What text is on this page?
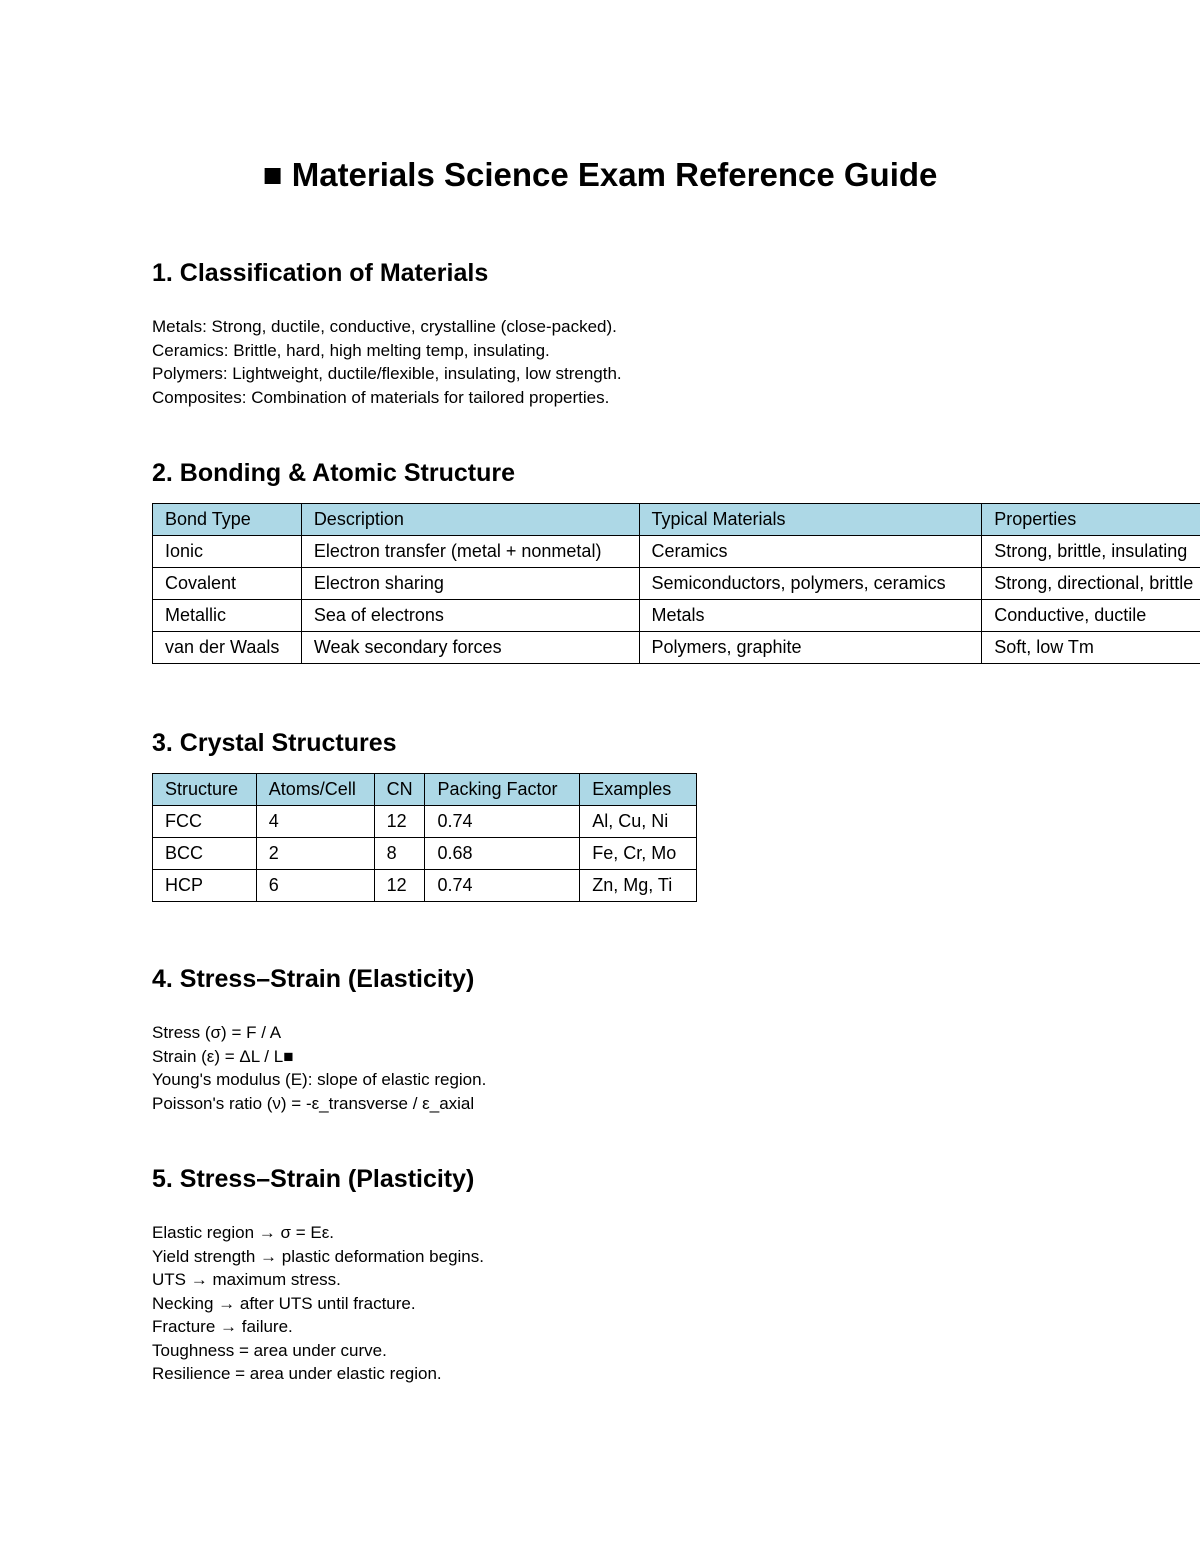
■ Materials Science Exam Reference Guide
1. Classification of Materials
Metals: Strong, ductile, conductive, crystalline (close-packed).
Ceramics: Brittle, hard, high melting temp, insulating.
Polymers: Lightweight, ductile/flexible, insulating, low strength.
Composites: Combination of materials for tailored properties.
2. Bonding & Atomic Structure
Bond Type	Description	Typical Materials	Properties
Ionic	Electron transfer (metal + nonmetal)	Ceramics	Strong, brittle, insulating
Covalent	Electron sharing	Semiconductors, polymers, ceramics	Strong, directional, brittle
Metallic	Sea of electrons	Metals	Conductive, ductile
van der Waals	Weak secondary forces	Polymers, graphite	Soft, low Tm
3. Crystal Structures
Structure	Atoms/Cell	CN	Packing Factor	Examples
FCC	4	12	0.74	Al, Cu, Ni
BCC	2	8	0.68	Fe, Cr, Mo
HCP	6	12	0.74	Zn, Mg, Ti
4. Stress–Strain (Elasticity)
Stress (σ) = F / A
Strain (ε) = ΔL / L■
Young's modulus (E): slope of elastic region.
Poisson's ratio (ν) = -ε_transverse / ε_axial
5. Stress–Strain (Plasticity)
Elastic region → σ = Eε.
Yield strength → plastic deformation begins.
UTS → maximum stress.
Necking → after UTS until fracture.
Fracture → failure.
Toughness = area under curve.
Resilience = area under elastic region.
